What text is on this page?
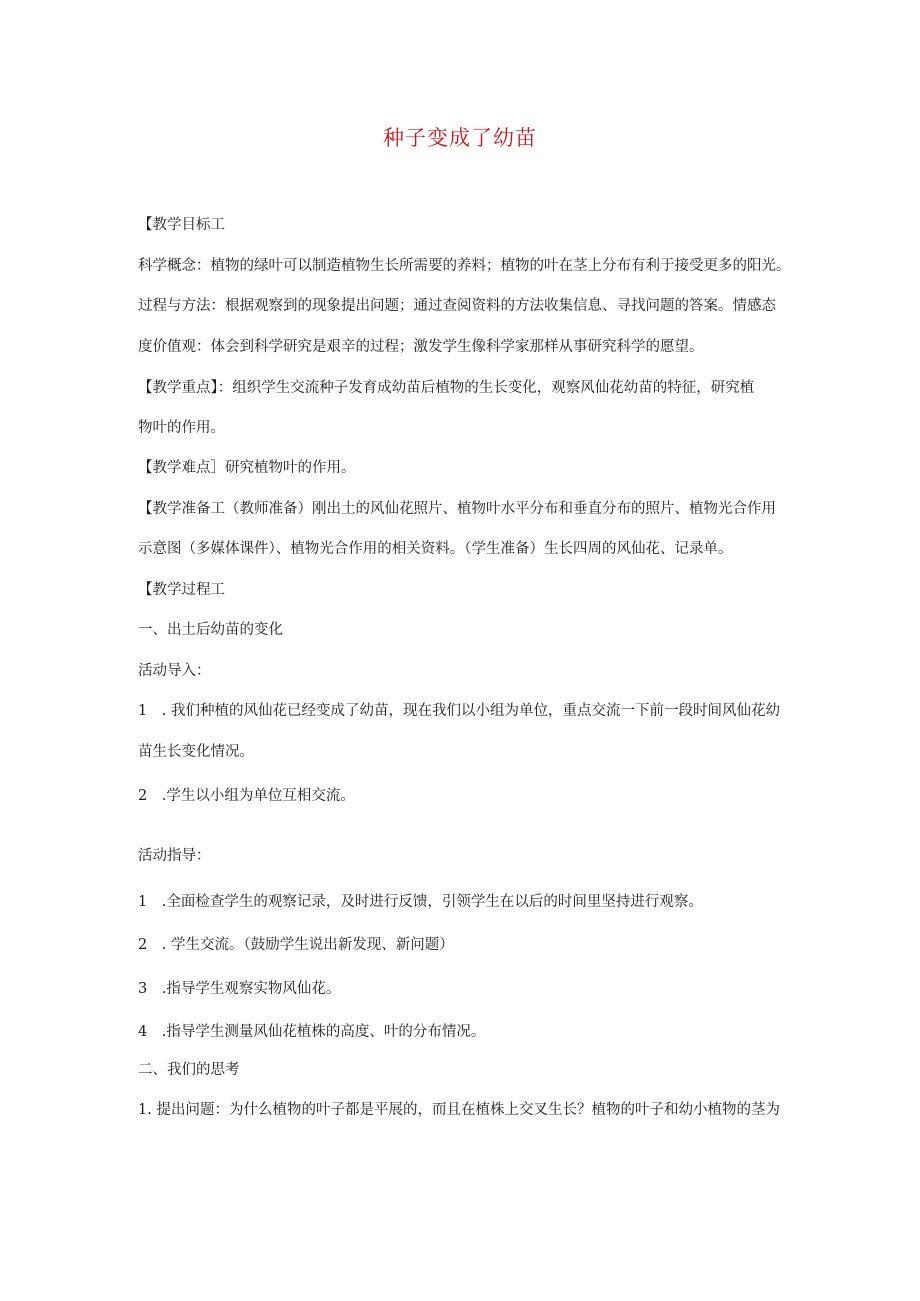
种子变成了幼苗
【教学目标工
科学概念：植物的绿叶可以制造植物生长所需要的养料；植物的叶在茎上分布有利于接受更多的阳光。
过程与方法：根据观察到的现象提出问题；通过查阅资料的方法收集信息、寻找问题的答案。情感态
度价值观：体会到科学研究是艰辛的过程；激发学生像科学家那样从事研究科学的愿望。
【教学重点】：组织学生交流种子发育成幼苗后植物的生长变化，观察风仙花幼苗的特征，研究植
物叶的作用。
【教学难点］研究植物叶的作用。
【教学准备工（教师准备）刚出土的风仙花照片、植物叶水平分布和垂直分布的照片、植物光合作用
示意图（多媒体课件）、植物光合作用的相关资料。（学生准备）生长四周的风仙花、记录单。
【教学过程工
一、出土后幼苗的变化
活动导入：
1　. 我们种植的风仙花已经变成了幼苗，现在我们以小组为单位，重点交流一下前一段时间风仙花幼
苗生长变化情况。
2　.学生以小组为单位互相交流。
活动指导：
1　.全面检查学生的观察记录，及时进行反馈，引领学生在以后的时间里坚持进行观察。
2　. 学生交流。（鼓励学生说出新发现、新问题）
3　.指导学生观察实物风仙花。
4　.指导学生测量风仙花植株的高度、叶的分布情况。
二、我们的思考
1. 提出问题：为什么植物的叶子都是平展的，而且在植株上交叉生长？植物的叶子和幼小植物的茎为
